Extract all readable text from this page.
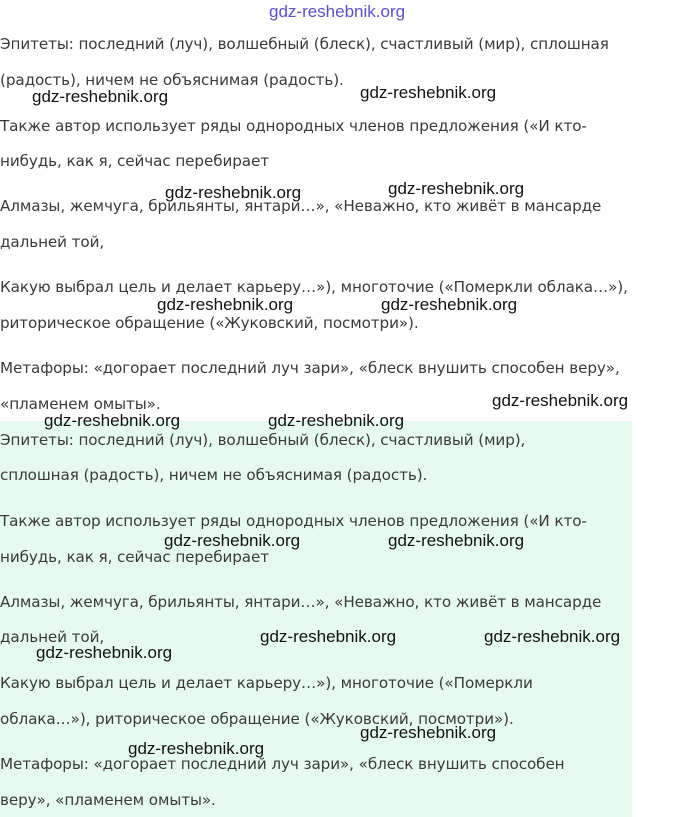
gdz-reshebnik.org

Эпитеты: последний (луч), волшебный (блеск), счастливый (мир), сплошная

(радость), ничем не объяснимая (радость).

Также автор использует ряды однородных членов предложения («И кто-

нибудь, как я, сейчас перебирает

Алмазы, жемчуга, брильянты, янтари…», «Неважно, кто живёт в мансарде

дальней той,

Какую выбрал цель и делает карьеру…»), многоточие («Померкли облака…»),

риторическое обращение («Жуковский, посмотри»).

Метафоры: «догорает последний луч зари», «блеск внушить способен веру»,

«пламенем омыты».

Эпитеты: последний (луч), волшебный (блеск), счастливый (мир),

сплошная (радость), ничем не объяснимая (радость).

Также автор использует ряды однородных членов предложения («И кто-

нибудь, как я, сейчас перебирает

Алмазы, жемчуга, брильянты, янтари…», «Неважно, кто живёт в мансарде

дальней той,

Какую выбрал цель и делает карьеру…»), многоточие («Померкли

облака…»), риторическое обращение («Жуковский, посмотри»).

Метафоры: «догорает последний луч зари», «блеск внушить способен

веру», «пламенем омыты».

gdz-reshebnik.org	gdz-reshebnik.org
gdz-reshebnik.org	gdz-reshebnik.org
gdz-reshebnik.org	gdz-reshebnik.org
gdz-reshebnik.org
gdz-reshebnik.org	gdz-reshebnik.org
gdz-reshebnik.org	gdz-reshebnik.org
gdz-reshebnik.org	gdz-reshebnik.org
gdz-reshebnik.org
gdz-reshebnik.org
gdz-reshebnik.org
